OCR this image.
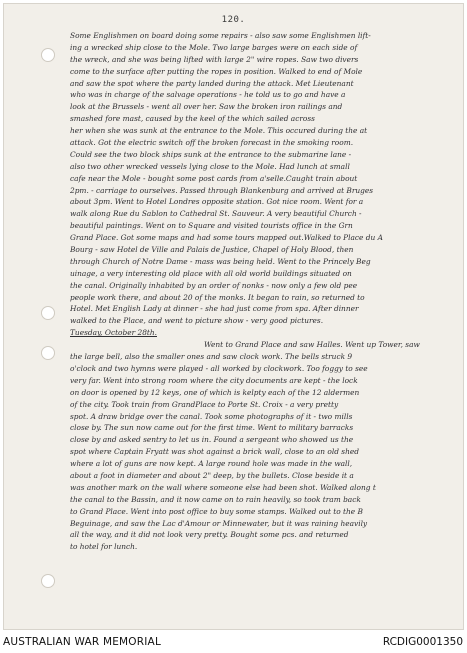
120.
Some Englishmen on board doing some repairs - also saw some Englishmen lift-
ing a wrecked ship close to the Mole. Two large barges were on each side of
the wreck, and she was being lifted with large 2" wire ropes. Saw two divers
come to the surface after putting the ropes in position. Walked to end of Mole
and saw the spot where the party landed during the attack. Met Lieutenant
who was in charge of the salvage operations - he told us to go and have a
look at the Brussels - went all over her. Saw the broken iron railings and
smashed fore mast, caused by the keel of the which sailed across
her when she was sunk at the entrance to the Mole. This occured during the at
attack. Got the electric switch off the broken forecast in the smoking room.
Could see the two block ships sunk at the entrance to the submarine lane -
also two other wrecked vessels lying close to the Mole. Had lunch at small
cafe near the Mole - bought some post cards from a'selle.Caught train about
2pm. - carriage to ourselves. Passed through Blankenburg and arrived at Bruges
about 3pm. Went to Hotel Londres opposite station. Got nice room. Went for a
walk along Rue du Sablon to Cathedral St. Sauveur. A very beautiful Church -
beautiful paintings. Went on to Square and visited tourists office in the Grn
Grand Place. Got some maps and had some tours mapped out.Walked to Place du A
Bourg - saw Hotel de Ville and Palais de Justice, Chapel of Holy Blood, then
through Church of Notre Dame - mass was being held. Went to the Princely Beg
uinage, a very interesting old place with all old world buildings situated on
the canal. Originally inhabited by an order of nonks - now only a few old pee
people work there, and about 20 of the monks. It began to rain, so returned to
Hotel. Met English Lady at dinner - she had just come from spa. After dinner
walked to the Place, and went to picture show - very good pictures.
Tuesday, October 28th.
Went to Grand Place and saw Halles. Went up Tower, saw
the large bell, also the smaller ones and saw clock work. The bells struck 9
o'clock and two hymns were played - all worked by clockwork. Too foggy to see
very far. Went into strong room where the city documents are kept - the lock
on door is opened by 12 keys, one of which is kelpty each of the 12 aldermen
of the city. Took train from GrandPlace to Porte St. Croix - a very pretty
spot. A draw bridge over the canal. Took some photographs of it - two mills
close by. The sun now came out for the first time. Went to military barracks
close by and asked sentry to let us in. Found a sergeant who showed us the
spot where Captain Fryatt was shot against a brick wall, close to an old shed
where a lot of guns are now kept. A large round hole was made in the wall,
about a foot in diameter and about 2" deep, by the bullets. Close beside it a
was another mark on the wall where someone else had been shot. Walked along t
the canal to the Bassin, and it now came on to rain heavily, so took tram back
to Grand Place. Went into post office to buy some stamps. Walked out to the B
Beguinage, and saw the Lac d'Amour or Minnewater, but it was raining heavily
all the way, and it did not look very pretty. Bought some pcs. and returned
to hotel for lunch.
AUSTRALIAN WAR MEMORIAL	RCDIG0001350
